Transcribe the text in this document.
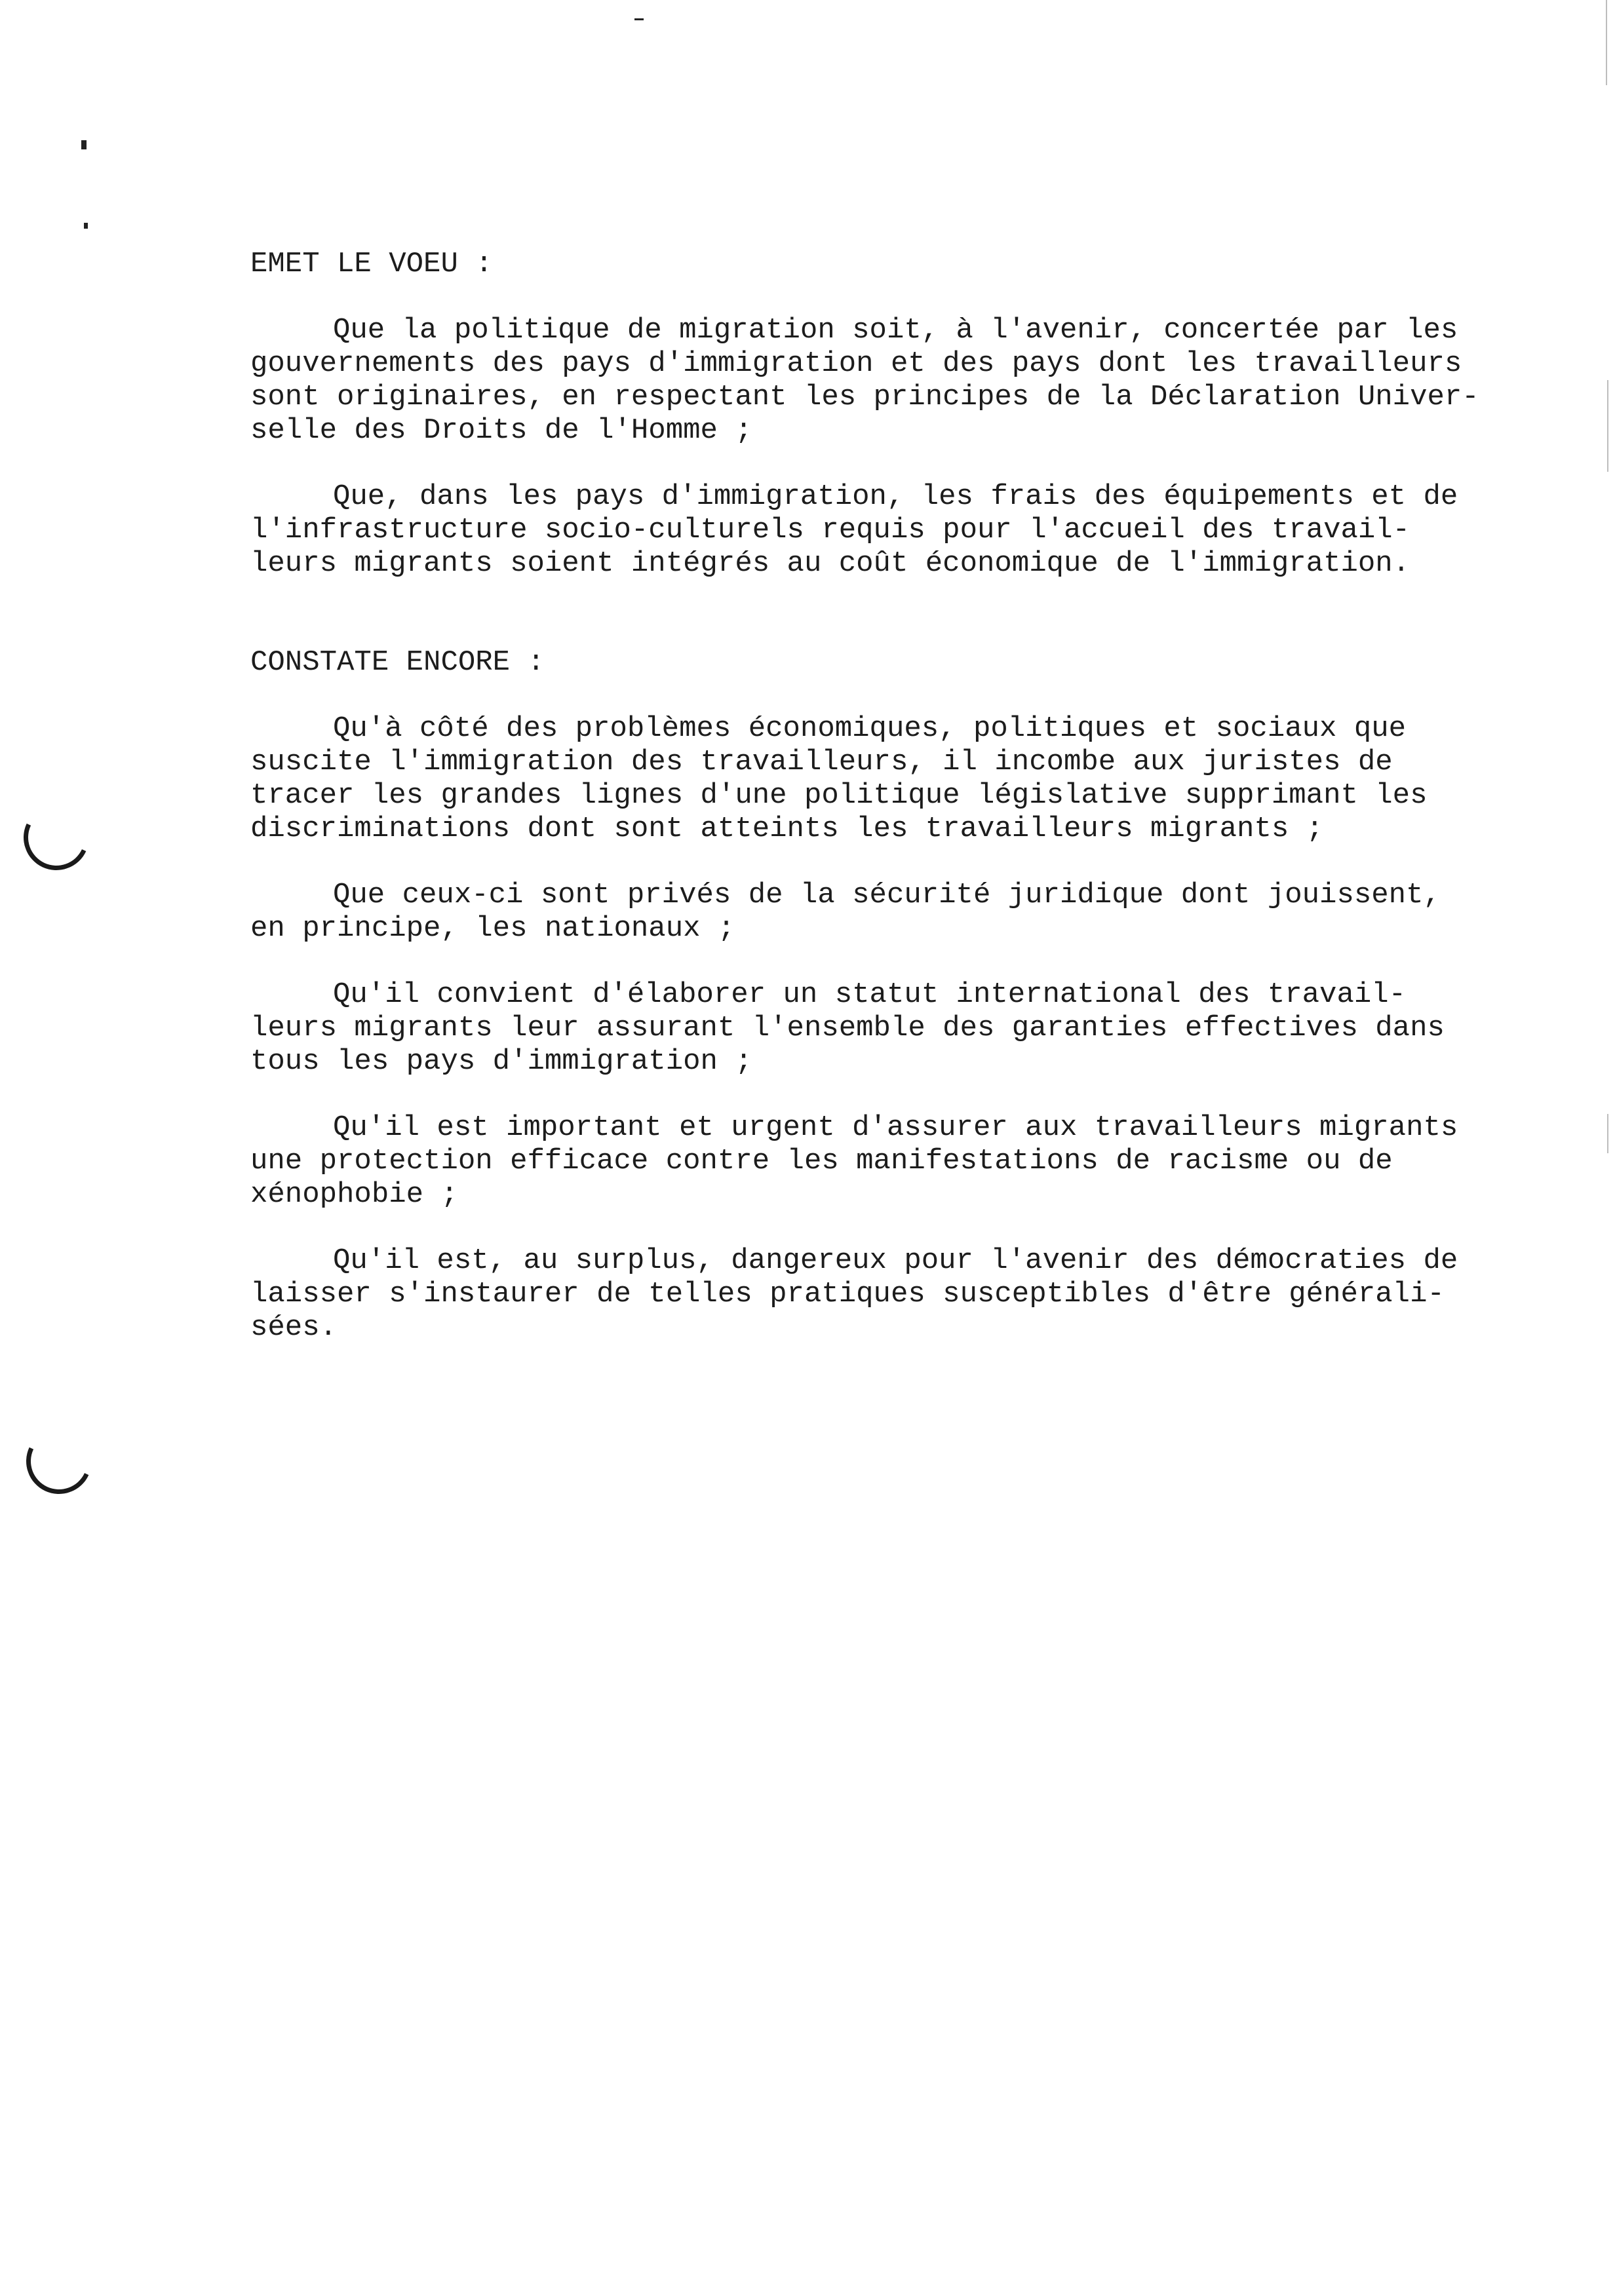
EMET LE VOEU :
Que la politique de migration soit, à l'avenir, concertée par les
gouvernements des pays d'immigration et des pays dont les travailleurs
sont originaires, en respectant les principes de la Déclaration Univer-
selle des Droits de l'Homme ;
Que, dans les pays d'immigration, les frais des équipements et de
l'infrastructure socio-culturels requis pour l'accueil des travail-
leurs migrants soient intégrés au coût économique de l'immigration.
CONSTATE ENCORE :
Qu'à côté des problèmes économiques, politiques et sociaux que
suscite l'immigration des travailleurs, il incombe aux juristes de
tracer les grandes lignes d'une politique législative supprimant les
discriminations dont sont atteints les travailleurs migrants ;
Que ceux-ci sont privés de la sécurité juridique dont jouissent,
en principe, les nationaux ;
Qu'il convient d'élaborer un statut international des travail-
leurs migrants leur assurant l'ensemble des garanties effectives dans
tous les pays d'immigration ;
Qu'il est important et urgent d'assurer aux travailleurs migrants
une protection efficace contre les manifestations de racisme ou de
xénophobie ;
Qu'il est, au surplus, dangereux pour l'avenir des démocraties de
laisser s'instaurer de telles pratiques susceptibles d'être générali-
sées.
